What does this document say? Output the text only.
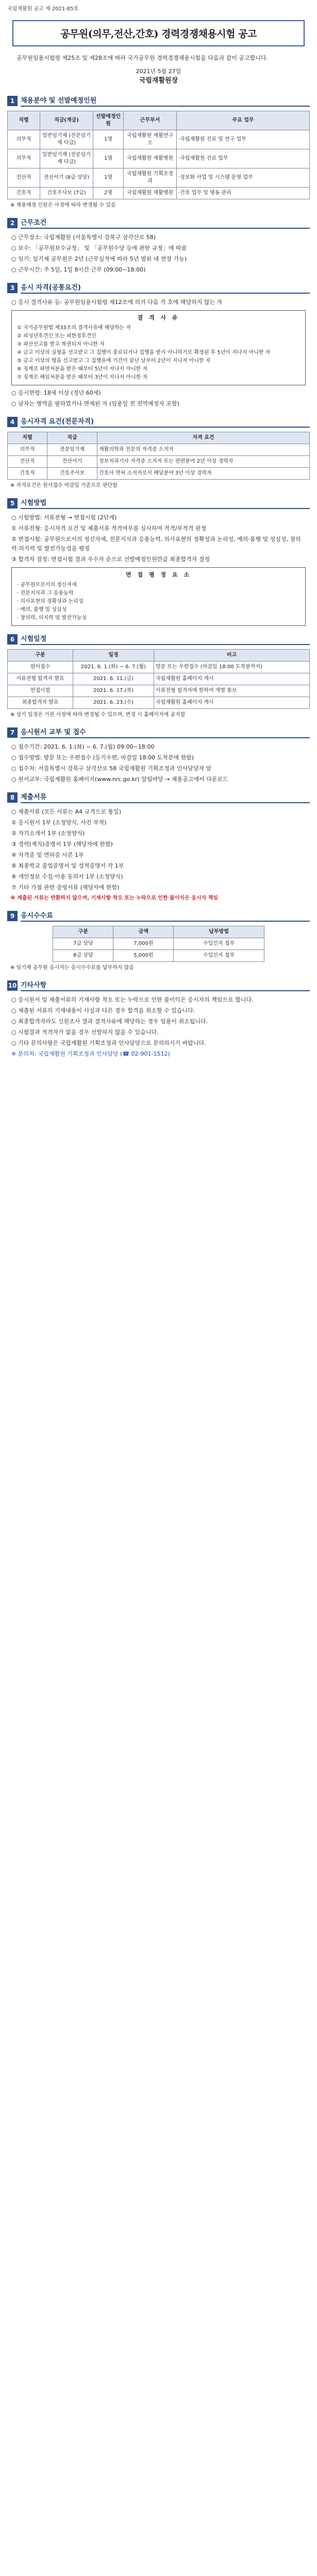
국립재활원 공고 제 2021-85호
공무원(의무,전산,간호) 경력경쟁채용시험 공고
공무원임용시험령 제25조 및 제28조에 따라 국가공무원 경력경쟁채용시험을 다음과 같이 공고합니다.
2021년 5월 27일
국립재활원장
1 채용분야 및 선발예정인원
직렬	직급(계급)	선발예정인원	근무부서	주요 업무
의무직	일반임기제 (전문임기제 다급)	1명	국립재활원 재활연구소	·국립재활원 진료 및 연구 업무
의무직	일반임기제 (전문임기제 다급)	1명	국립재활원 재활병원	·국립재활원 진료 업무
전산직	전산서기 (8급 상당)	1명	국립재활원 기획조정과	·정보화 사업 및 시스템 운영 업무
간호직	간호주사보 (7급)	2명	국립재활원 재활병원	·간호 업무 및 병동 관리
※ 채용예정 인원은 사정에 따라 변경될 수 있음
2 근무조건
○ 근무장소: 국립재활원 (서울특별시 강북구 삼각산로 58)
○ 보수: 「공무원보수규정」 및 「공무원수당 등에 관한 규정」에 따름
○ 임기: 임기제 공무원은 2년 (근무실적에 따라 5년 범위 내 연장 가능)
○ 근무시간: 주 5일, 1일 8시간 근무 (09:00~18:00)
3 응시 자격(공통요건)
○ 응시 결격사유 등: 공무원임용시험령 제12조에 의거 다음 각 호에 해당하지 않는 자
결 격 사 유
① 국가공무원법 제33조의 결격사유에 해당하는 자
② 피성년후견인 또는 피한정후견인
③ 파산선고를 받고 복권되지 아니한 자
④ 금고 이상의 실형을 선고받고 그 집행이 종료되거나 집행을 받지 아니하기로 확정된 후 5년이 지나지 아니한 자
⑤ 금고 이상의 형을 선고받고 그 집행유예 기간이 끝난 날부터 2년이 지나지 아니한 자
⑥ 징계로 파면처분을 받은 때부터 5년이 지나지 아니한 자
⑦ 징계로 해임처분을 받은 때부터 3년이 지나지 아니한 자
○ 응시연령: 18세 이상 (정년 60세)
○ 남자는 병역을 필하였거나 면제된 자 (임용일 전 전역예정자 포함)
4 응시자격 요건(전문자격)
직렬	직급	자격 요건
의무직	전문임기제	재활의학과 전문의 자격증 소지자
전산직	전산서기	정보처리기사 자격증 소지자 또는 관련분야 2년 이상 경력자
간호직	간호주사보	간호사 면허 소지자로서 해당분야 3년 이상 경력자
※ 자격요건은 원서접수 마감일 기준으로 판단함
5 시험방법
○ 시험방법: 서류전형 → 면접시험 (2단계)
① 서류전형: 응시자격 요건 및 제출서류 적격여부를 심사하여 적격/부적격 판정
② 면접시험: 공무원으로서의 정신자세, 전문지식과 응용능력, 의사표현의 정확성과 논리성, 예의·품행 및 성실성, 창의력·의지력 및 발전가능성을 평정
③ 합격자 결정: 면접시험 결과 우수자 순으로 선발예정인원만큼 최종합격자 결정
면 접 평 정 요 소
· 공무원으로서의 정신자세
· 전문지식과 그 응용능력
· 의사표현의 정확성과 논리성
· 예의, 품행 및 성실성
· 창의력, 의지력 및 발전가능성
6 시험일정
구분	일정	비고
원서접수	2021. 6. 1.(화) ~ 6. 7.(월)	방문 또는 우편접수 (마감일 18:00 도착분까지)
서류전형 합격자 발표	2021. 6. 11.(금)	국립재활원 홈페이지 게시
면접시험	2021. 6. 17.(목)	서류전형 합격자에 한하여 개별 통보
최종합격자 발표	2021. 6. 23.(수)	국립재활원 홈페이지 게시
※ 상기 일정은 기관 사정에 따라 변경될 수 있으며, 변경 시 홈페이지에 공지함
7 응시원서 교부 및 접수
○ 접수기간: 2021. 6. 1.(화) ~ 6. 7.(월) 09:00~18:00
○ 접수방법: 방문 또는 우편접수 (등기우편, 마감일 18:00 도착분에 한함)
○ 접수처: 서울특별시 강북구 삼각산로 58 국립재활원 기획조정과 인사담당자 앞
○ 원서교부: 국립재활원 홈페이지(www.nrc.go.kr) 알림마당 → 채용공고에서 다운로드
8 제출서류
○ 제출서류 (모든 서류는 A4 규격으로 통일)
① 응시원서 1부 (소정양식, 사진 부착)
② 자기소개서 1부 (소정양식)
③ 경력(재직)증명서 1부 (해당자에 한함)
④ 자격증 및 면허증 사본 1부
⑤ 최종학교 졸업증명서 및 성적증명서 각 1부
⑥ 개인정보 수집·이용 동의서 1부 (소정양식)
⑦ 기타 가점 관련 증빙서류 (해당자에 한함)
※ 제출된 서류는 반환하지 않으며, 기재사항 착오 또는 누락으로 인한 불이익은 응시자 책임
9 응시수수료
구분	금액	납부방법
7급 상당	7,000원	수입인지 첩부
8급 상당	5,000원	수입인지 첩부
※ 임기제 공무원 응시자는 응시수수료를 납부하지 않음
10 기타사항
○ 응시원서 및 제출서류의 기재사항 착오 또는 누락으로 인한 불이익은 응시자의 책임으로 합니다.
○ 제출된 서류의 기재내용이 사실과 다른 경우 합격을 취소할 수 있습니다.
○ 최종합격자라도 신원조사 결과 결격사유에 해당하는 경우 임용이 취소됩니다.
○ 시험결과 적격자가 없을 경우 선발하지 않을 수 있습니다.
○ 기타 문의사항은 국립재활원 기획조정과 인사담당으로 문의하시기 바랍니다.
※ 문의처: 국립재활원 기획조정과 인사담당 (☎ 02-901-1512)
